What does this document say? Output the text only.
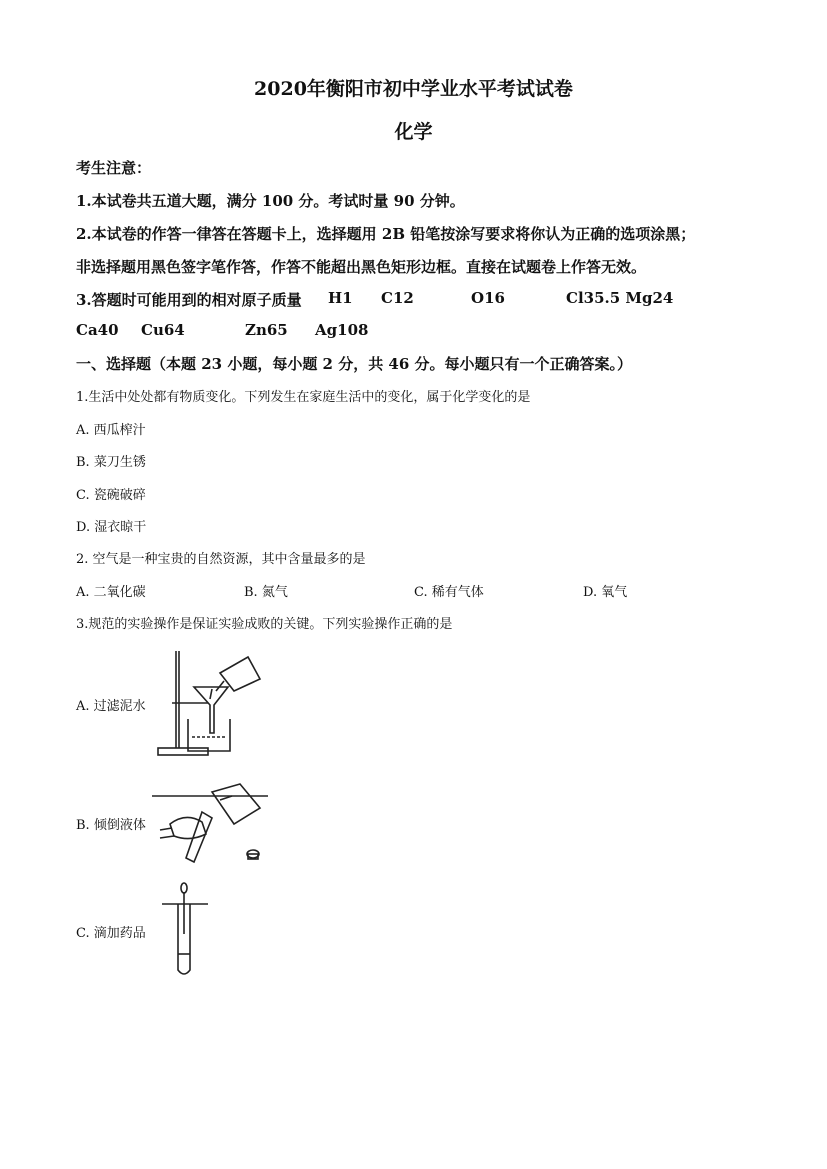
2020年衡阳市初中学业水平考试试卷
化学
考生注意：
1.本试卷共五道大题，满分 100 分。考试时量 90 分钟。
2.本试卷的作答一律答在答题卡上，选择题用 2B 铅笔按涂写要求将你认为正确的选项涂黑；
非选择题用黑色签字笔作答，作答不能超出黑色矩形边框。直接在试题卷上作答无效。
3.答题时可能用到的相对原子质量 H1 C12	O16	Cl35.5 Mg24
Ca40 Cu64	Zn65 Ag108
一、选择题（本题 23 小题，每小题 2 分，共 46 分。每小题只有一个正确答案。）
1.生活中处处都有物质变化。下列发生在家庭生活中的变化，属于化学变化的是
A. 西瓜榨汁
B. 菜刀生锈
C. 瓷碗破碎
D. 湿衣晾干
2. 空气是一种宝贵的自然资源，其中含量最多的是
A. 二氧化碳	B. 氮气	C. 稀有气体	D. 氧气
3.规范的实验操作是保证实验成败的关键。下列实验操作正确的是
A. 过滤泥水
B. 倾倒液体
C. 滴加药品
